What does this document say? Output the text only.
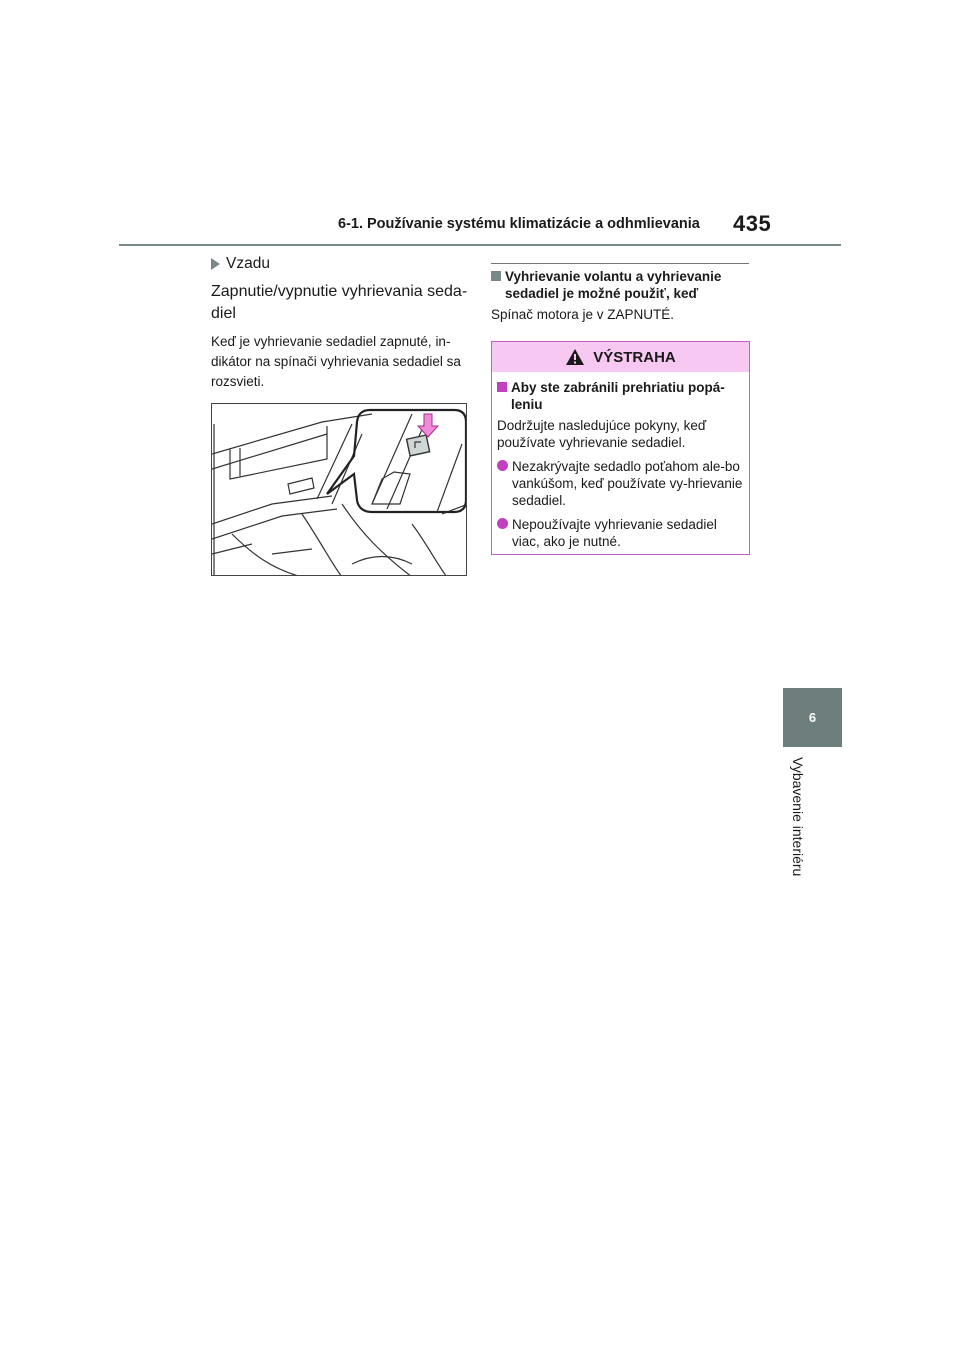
6-1. Používanie systému klimatizácie a odhmlievania	435
6
Vybavenie interiéru
Vzadu
Zapnutie/vypnutie vyhrievania seda-diel
Keď je vyhrievanie sedadiel zapnuté, in-dikátor na spínači vyhrievania sedadiel sa rozsvieti.
Vyhrievanie volantu a vyhrievanie sedadiel je možné použiť, keď
Spínač motora je v ZAPNUTÉ.
VÝSTRAHA
Aby ste zabránili prehriatiu popá-leniu
Dodržujte nasledujúce pokyny, keď používate vyhrievanie sedadiel.
Nezakrývajte sedadlo poťahom ale-bo vankúšom, keď používate vy-hrievanie sedadiel.
Nepoužívajte vyhrievanie sedadiel viac, ako je nutné.
